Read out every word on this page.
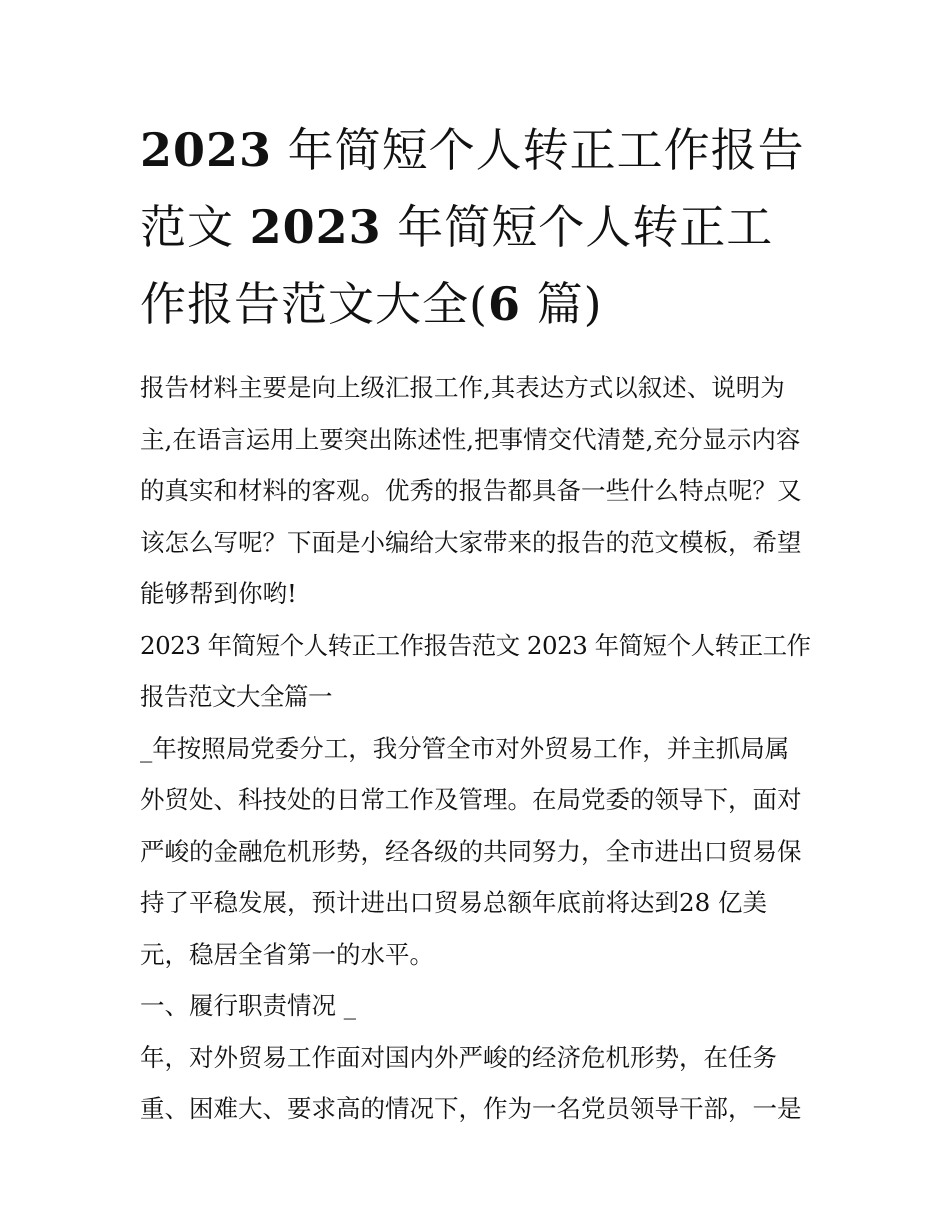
2023 年简短个人转正工作报告
范文 2023 年简短个人转正工
作报告范文大全(6 篇)
报告材料主要是向上级汇报工作,其表达方式以叙述、说明为
主,在语言运用上要突出陈述性,把事情交代清楚,充分显示内容
的真实和材料的客观。优秀的报告都具备一些什么特点呢？又
该怎么写呢？下面是小编给大家带来的报告的范文模板，希望
能够帮到你哟!
2023 年简短个人转正工作报告范文 2023 年简短个人转正工作
报告范文大全篇一
_年按照局党委分工，我分管全市对外贸易工作，并主抓局属
外贸处、科技处的日常工作及管理。在局党委的领导下，面对
严峻的金融危机形势，经各级的共同努力，全市进出口贸易保
持了平稳发展，预计进出口贸易总额年底前将达到28 亿美
元，稳居全省第一的水平。
一、履行职责情况 _
年，对外贸易工作面对国内外严峻的经济危机形势，在任务
重、困难大、要求高的情况下，作为一名党员领导干部，一是
